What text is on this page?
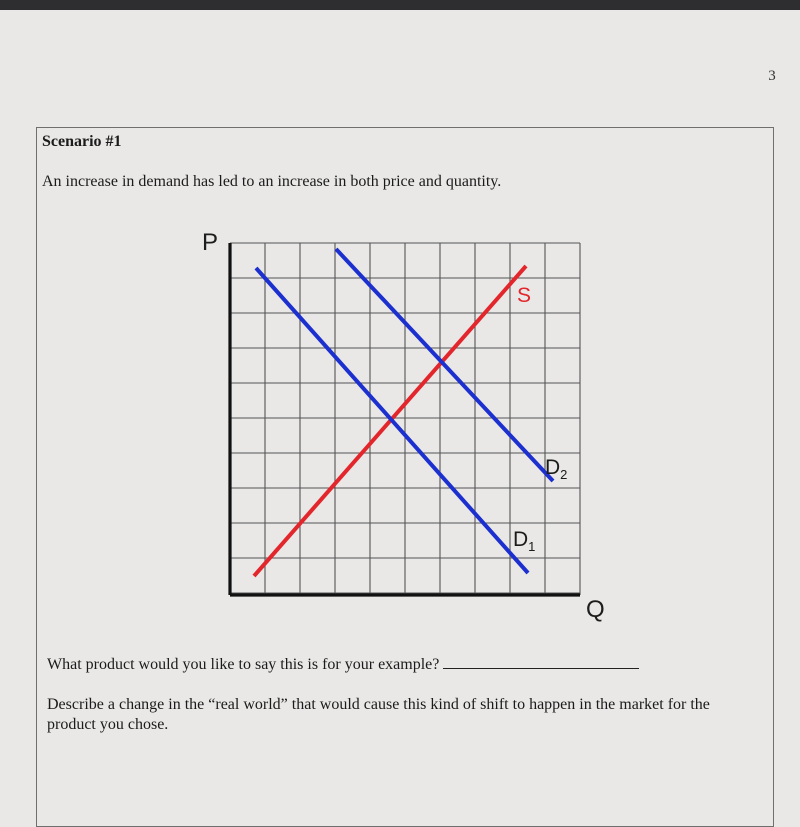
3
Scenario #1
An increase in demand has led to an increase in both price and quantity.
P
Q
S
$D_2$
$D_1$
What product would you like to say this is for your example?
Describe a change in the “real world” that would cause this kind of shift to happen in the market for the product you chose.
